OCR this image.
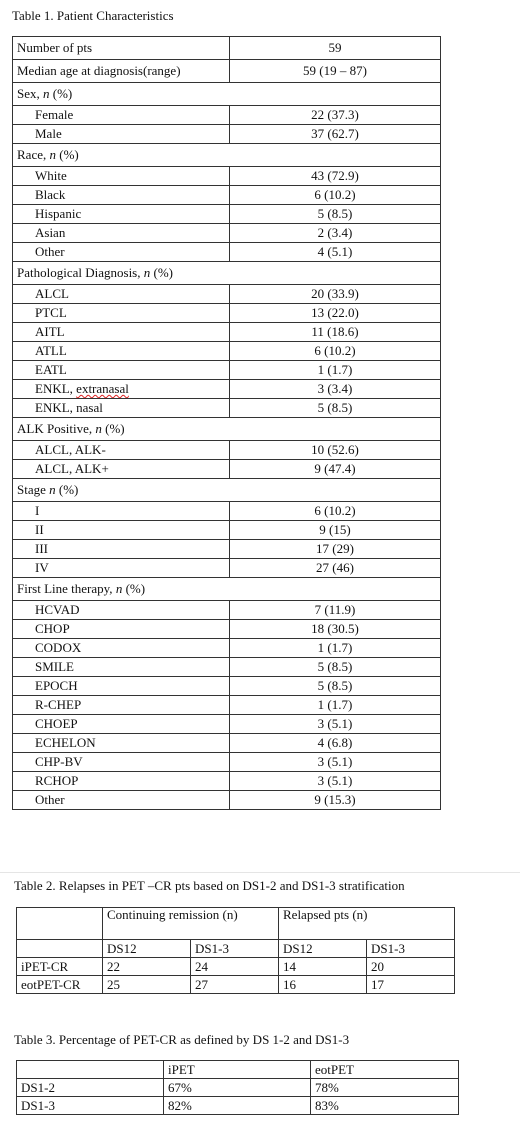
Table 1. Patient Characteristics
Number of pts	59
Median age at diagnosis(range)	59 (19 – 87)
Sex, n (%)	
Female	22 (37.3)
Male	37 (62.7)
Race, n (%)	
White	43 (72.9)
Black	6 (10.2)
Hispanic	5 (8.5)
Asian	2 (3.4)
Other	4 (5.1)
Pathological Diagnosis, n (%)	
ALCL	20 (33.9)
PTCL	13 (22.0)
AITL	11 (18.6)
ATLL	6 (10.2)
EATL	1 (1.7)
ENKL, extranasal	3 (3.4)
ENKL, nasal	5 (8.5)
ALK Positive, n (%)	
ALCL, ALK-	10 (52.6)
ALCL, ALK+	9 (47.4)
Stage n (%)	
I	6 (10.2)
II	9 (15)
III	17 (29)
IV	27 (46)
First Line therapy, n (%)	
HCVAD	7 (11.9)
CHOP	18 (30.5)
CODOX	1 (1.7)
SMILE	5 (8.5)
EPOCH	5 (8.5)
R-CHEP	1 (1.7)
CHOEP	3 (5.1)
ECHELON	4 (6.8)
CHP-BV	3 (5.1)
RCHOP	3 (5.1)
Other	9 (15.3)
Table 2. Relapses in PET –CR pts based on DS1-2 and DS1-3 stratification
	Continuing remission (n)		Relapsed pts (n)	
	DS12	DS1-3	DS12	DS1-3
iPET-CR	22	24	14	20
eotPET-CR	25	27	16	17
Table 3. Percentage of PET-CR as defined by DS 1-2 and DS1-3
	iPET	eotPET
DS1-2	67%	78%
DS1-3	82%	83%
